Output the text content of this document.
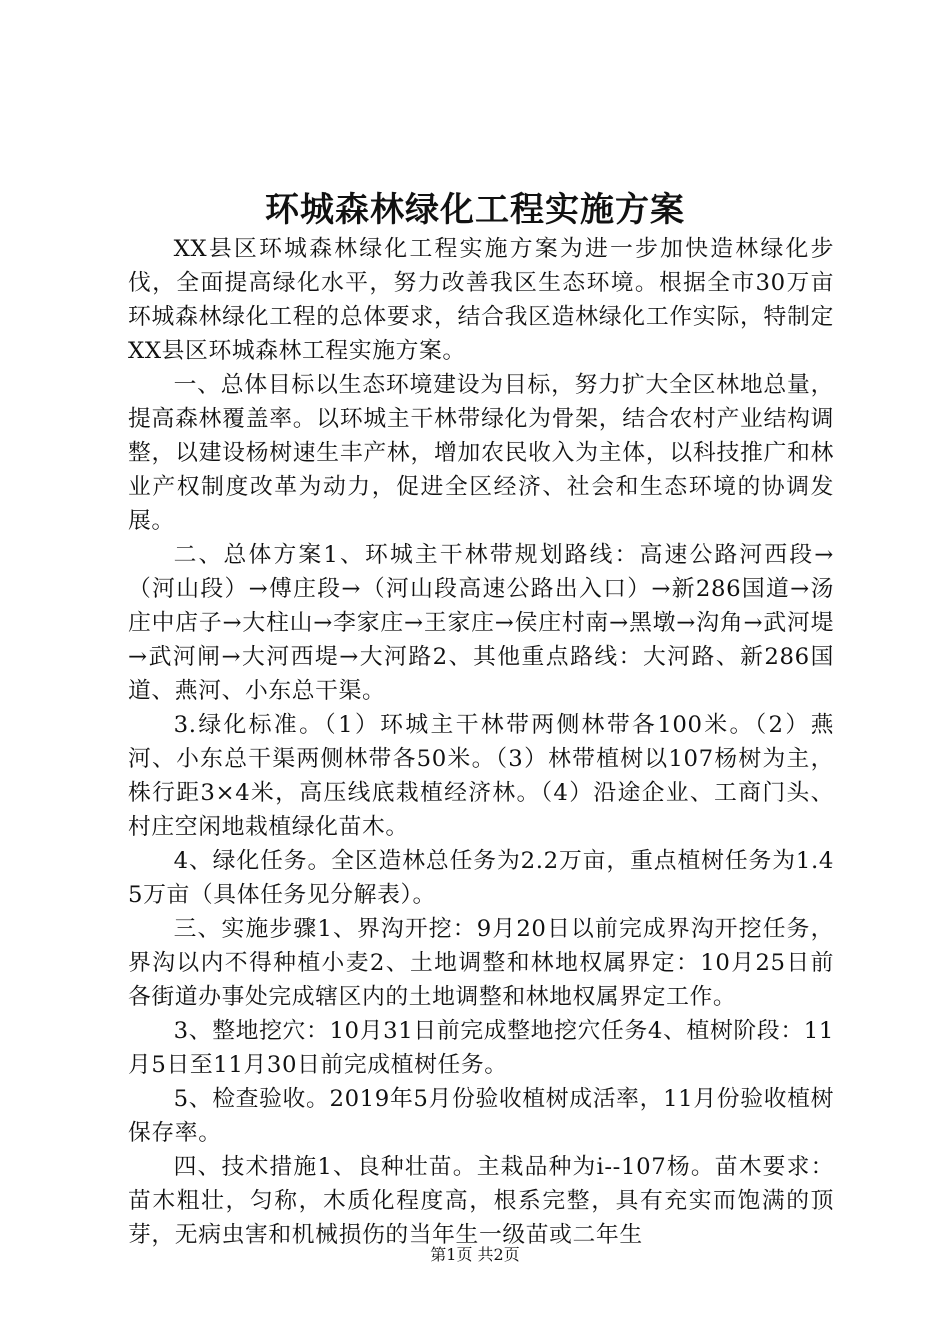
环城森林绿化工程实施方案

XX县区环城森林绿化工程实施方案为进一步加快造林绿化步伐，全面提高绿化水平，努力改善我区生态环境。根据全市30万亩环城森林绿化工程的总体要求，结合我区造林绿化工作实际，特制定XX县区环城森林工程实施方案。

一、总体目标以生态环境建设为目标，努力扩大全区林地总量，提高森林覆盖率。以环城主干林带绿化为骨架，结合农村产业结构调整，以建设杨树速生丰产林，增加农民收入为主体，以科技推广和林业产权制度改革为动力，促进全区经济、社会和生态环境的协调发展。

二、总体方案1、环城主干林带规划路线：高速公路河西段→（河山段）→傅庄段→（河山段高速公路出入口）→新286国道→汤庄中店子→大柱山→李家庄→王家庄→侯庄村南→黑墩→沟角→武河堤→武河闸→大河西堤→大河路2、其他重点路线：大河路、新286国道、燕河、小东总干渠。

3.绿化标准。（1）环城主干林带两侧林带各100米。（2）燕河、小东总干渠两侧林带各50米。（3）林带植树以107杨树为主，株行距3×4米，高压线底栽植经济林。（4）沿途企业、工商门头、村庄空闲地栽植绿化苗木。

4、绿化任务。全区造林总任务为2.2万亩，重点植树任务为1.45万亩（具体任务见分解表）。

三、实施步骤1、界沟开挖：9月20日以前完成界沟开挖任务，界沟以内不得种植小麦2、土地调整和林地权属界定：10月25日前各街道办事处完成辖区内的土地调整和林地权属界定工作。

3、整地挖穴：10月31日前完成整地挖穴任务4、植树阶段：11月5日至11月30日前完成植树任务。

5、检查验收。2019年5月份验收植树成活率，11月份验收植树保存率。

四、技术措施1、良种壮苗。主栽品种为i--107杨。苗木要求：苗木粗壮，匀称，木质化程度高，根系完整，具有充实而饱满的顶芽，无病虫害和机械损伤的当年生一级苗或二年生

第1页 共2页
